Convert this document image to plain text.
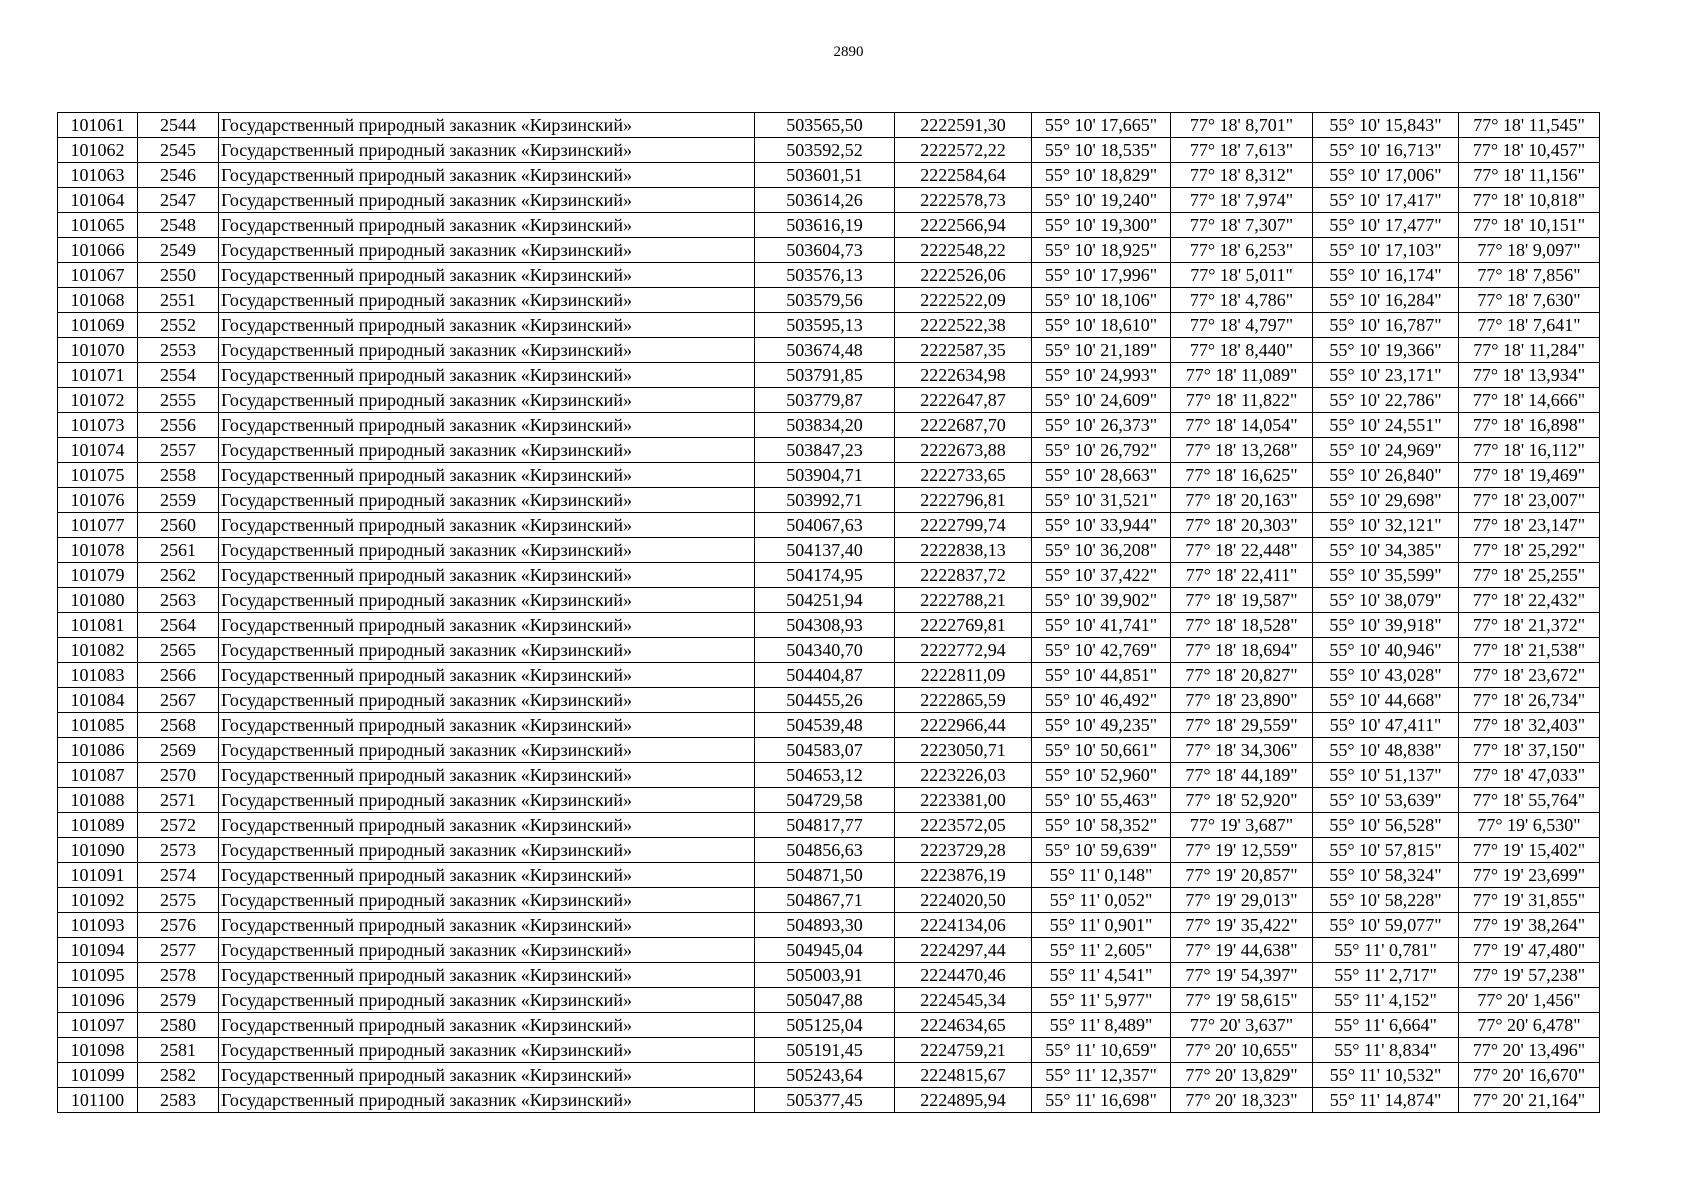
2890
101061	2544	Государственный природный заказник «Кирзинский»	503565,50	2222591,30	55° 10' 17,665"	77° 18' 8,701"	55° 10' 15,843"	77° 18' 11,545"
101062	2545	Государственный природный заказник «Кирзинский»	503592,52	2222572,22	55° 10' 18,535"	77° 18' 7,613"	55° 10' 16,713"	77° 18' 10,457"
101063	2546	Государственный природный заказник «Кирзинский»	503601,51	2222584,64	55° 10' 18,829"	77° 18' 8,312"	55° 10' 17,006"	77° 18' 11,156"
101064	2547	Государственный природный заказник «Кирзинский»	503614,26	2222578,73	55° 10' 19,240"	77° 18' 7,974"	55° 10' 17,417"	77° 18' 10,818"
101065	2548	Государственный природный заказник «Кирзинский»	503616,19	2222566,94	55° 10' 19,300"	77° 18' 7,307"	55° 10' 17,477"	77° 18' 10,151"
101066	2549	Государственный природный заказник «Кирзинский»	503604,73	2222548,22	55° 10' 18,925"	77° 18' 6,253"	55° 10' 17,103"	77° 18' 9,097"
101067	2550	Государственный природный заказник «Кирзинский»	503576,13	2222526,06	55° 10' 17,996"	77° 18' 5,011"	55° 10' 16,174"	77° 18' 7,856"
101068	2551	Государственный природный заказник «Кирзинский»	503579,56	2222522,09	55° 10' 18,106"	77° 18' 4,786"	55° 10' 16,284"	77° 18' 7,630"
101069	2552	Государственный природный заказник «Кирзинский»	503595,13	2222522,38	55° 10' 18,610"	77° 18' 4,797"	55° 10' 16,787"	77° 18' 7,641"
101070	2553	Государственный природный заказник «Кирзинский»	503674,48	2222587,35	55° 10' 21,189"	77° 18' 8,440"	55° 10' 19,366"	77° 18' 11,284"
101071	2554	Государственный природный заказник «Кирзинский»	503791,85	2222634,98	55° 10' 24,993"	77° 18' 11,089"	55° 10' 23,171"	77° 18' 13,934"
101072	2555	Государственный природный заказник «Кирзинский»	503779,87	2222647,87	55° 10' 24,609"	77° 18' 11,822"	55° 10' 22,786"	77° 18' 14,666"
101073	2556	Государственный природный заказник «Кирзинский»	503834,20	2222687,70	55° 10' 26,373"	77° 18' 14,054"	55° 10' 24,551"	77° 18' 16,898"
101074	2557	Государственный природный заказник «Кирзинский»	503847,23	2222673,88	55° 10' 26,792"	77° 18' 13,268"	55° 10' 24,969"	77° 18' 16,112"
101075	2558	Государственный природный заказник «Кирзинский»	503904,71	2222733,65	55° 10' 28,663"	77° 18' 16,625"	55° 10' 26,840"	77° 18' 19,469"
101076	2559	Государственный природный заказник «Кирзинский»	503992,71	2222796,81	55° 10' 31,521"	77° 18' 20,163"	55° 10' 29,698"	77° 18' 23,007"
101077	2560	Государственный природный заказник «Кирзинский»	504067,63	2222799,74	55° 10' 33,944"	77° 18' 20,303"	55° 10' 32,121"	77° 18' 23,147"
101078	2561	Государственный природный заказник «Кирзинский»	504137,40	2222838,13	55° 10' 36,208"	77° 18' 22,448"	55° 10' 34,385"	77° 18' 25,292"
101079	2562	Государственный природный заказник «Кирзинский»	504174,95	2222837,72	55° 10' 37,422"	77° 18' 22,411"	55° 10' 35,599"	77° 18' 25,255"
101080	2563	Государственный природный заказник «Кирзинский»	504251,94	2222788,21	55° 10' 39,902"	77° 18' 19,587"	55° 10' 38,079"	77° 18' 22,432"
101081	2564	Государственный природный заказник «Кирзинский»	504308,93	2222769,81	55° 10' 41,741"	77° 18' 18,528"	55° 10' 39,918"	77° 18' 21,372"
101082	2565	Государственный природный заказник «Кирзинский»	504340,70	2222772,94	55° 10' 42,769"	77° 18' 18,694"	55° 10' 40,946"	77° 18' 21,538"
101083	2566	Государственный природный заказник «Кирзинский»	504404,87	2222811,09	55° 10' 44,851"	77° 18' 20,827"	55° 10' 43,028"	77° 18' 23,672"
101084	2567	Государственный природный заказник «Кирзинский»	504455,26	2222865,59	55° 10' 46,492"	77° 18' 23,890"	55° 10' 44,668"	77° 18' 26,734"
101085	2568	Государственный природный заказник «Кирзинский»	504539,48	2222966,44	55° 10' 49,235"	77° 18' 29,559"	55° 10' 47,411"	77° 18' 32,403"
101086	2569	Государственный природный заказник «Кирзинский»	504583,07	2223050,71	55° 10' 50,661"	77° 18' 34,306"	55° 10' 48,838"	77° 18' 37,150"
101087	2570	Государственный природный заказник «Кирзинский»	504653,12	2223226,03	55° 10' 52,960"	77° 18' 44,189"	55° 10' 51,137"	77° 18' 47,033"
101088	2571	Государственный природный заказник «Кирзинский»	504729,58	2223381,00	55° 10' 55,463"	77° 18' 52,920"	55° 10' 53,639"	77° 18' 55,764"
101089	2572	Государственный природный заказник «Кирзинский»	504817,77	2223572,05	55° 10' 58,352"	77° 19' 3,687"	55° 10' 56,528"	77° 19' 6,530"
101090	2573	Государственный природный заказник «Кирзинский»	504856,63	2223729,28	55° 10' 59,639"	77° 19' 12,559"	55° 10' 57,815"	77° 19' 15,402"
101091	2574	Государственный природный заказник «Кирзинский»	504871,50	2223876,19	55° 11' 0,148"	77° 19' 20,857"	55° 10' 58,324"	77° 19' 23,699"
101092	2575	Государственный природный заказник «Кирзинский»	504867,71	2224020,50	55° 11' 0,052"	77° 19' 29,013"	55° 10' 58,228"	77° 19' 31,855"
101093	2576	Государственный природный заказник «Кирзинский»	504893,30	2224134,06	55° 11' 0,901"	77° 19' 35,422"	55° 10' 59,077"	77° 19' 38,264"
101094	2577	Государственный природный заказник «Кирзинский»	504945,04	2224297,44	55° 11' 2,605"	77° 19' 44,638"	55° 11' 0,781"	77° 19' 47,480"
101095	2578	Государственный природный заказник «Кирзинский»	505003,91	2224470,46	55° 11' 4,541"	77° 19' 54,397"	55° 11' 2,717"	77° 19' 57,238"
101096	2579	Государственный природный заказник «Кирзинский»	505047,88	2224545,34	55° 11' 5,977"	77° 19' 58,615"	55° 11' 4,152"	77° 20' 1,456"
101097	2580	Государственный природный заказник «Кирзинский»	505125,04	2224634,65	55° 11' 8,489"	77° 20' 3,637"	55° 11' 6,664"	77° 20' 6,478"
101098	2581	Государственный природный заказник «Кирзинский»	505191,45	2224759,21	55° 11' 10,659"	77° 20' 10,655"	55° 11' 8,834"	77° 20' 13,496"
101099	2582	Государственный природный заказник «Кирзинский»	505243,64	2224815,67	55° 11' 12,357"	77° 20' 13,829"	55° 11' 10,532"	77° 20' 16,670"
101100	2583	Государственный природный заказник «Кирзинский»	505377,45	2224895,94	55° 11' 16,698"	77° 20' 18,323"	55° 11' 14,874"	77° 20' 21,164"
